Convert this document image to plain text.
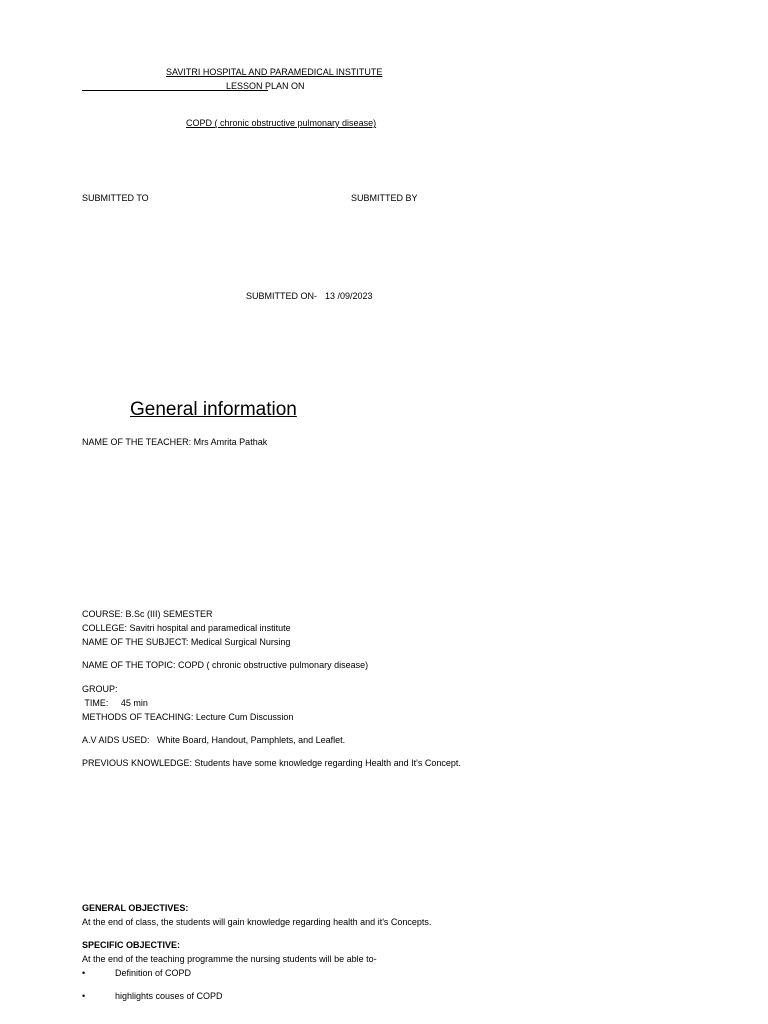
SAVITRI HOSPITAL AND PARAMEDICAL INSTITUTE
LESSON PLAN ON
COPD ( chronic obstructive pulmonary disease)
SUBMITTED TO	SUBMITTED BY
SUBMITTED ON- 13 /09/2023
General information
NAME OF THE TEACHER: Mrs Amrita Pathak
COURSE: B.Sc (III) SEMESTER
COLLEGE: Savitri hospital and paramedical institute
NAME OF THE SUBJECT: Medical Surgical Nursing
NAME OF THE TOPIC: COPD ( chronic obstructive pulmonary disease)
GROUP:
TIME:     45 min
METHODS OF TEACHING: Lecture Cum Discussion
A.V AIDS USED:   White Board, Handout, Pamphlets, and Leaflet.
PREVIOUS KNOWLEDGE: Students have some knowledge regarding Health and It's Concept.
GENERAL OBJECTIVES:
At the end of class, the students will gain knowledge regarding health and it's Concepts.
SPECIFIC OBJECTIVE:
At the end of the teaching programme the nursing students will be able to-
•	Definition of COPD
•	highlights couses of COPD
